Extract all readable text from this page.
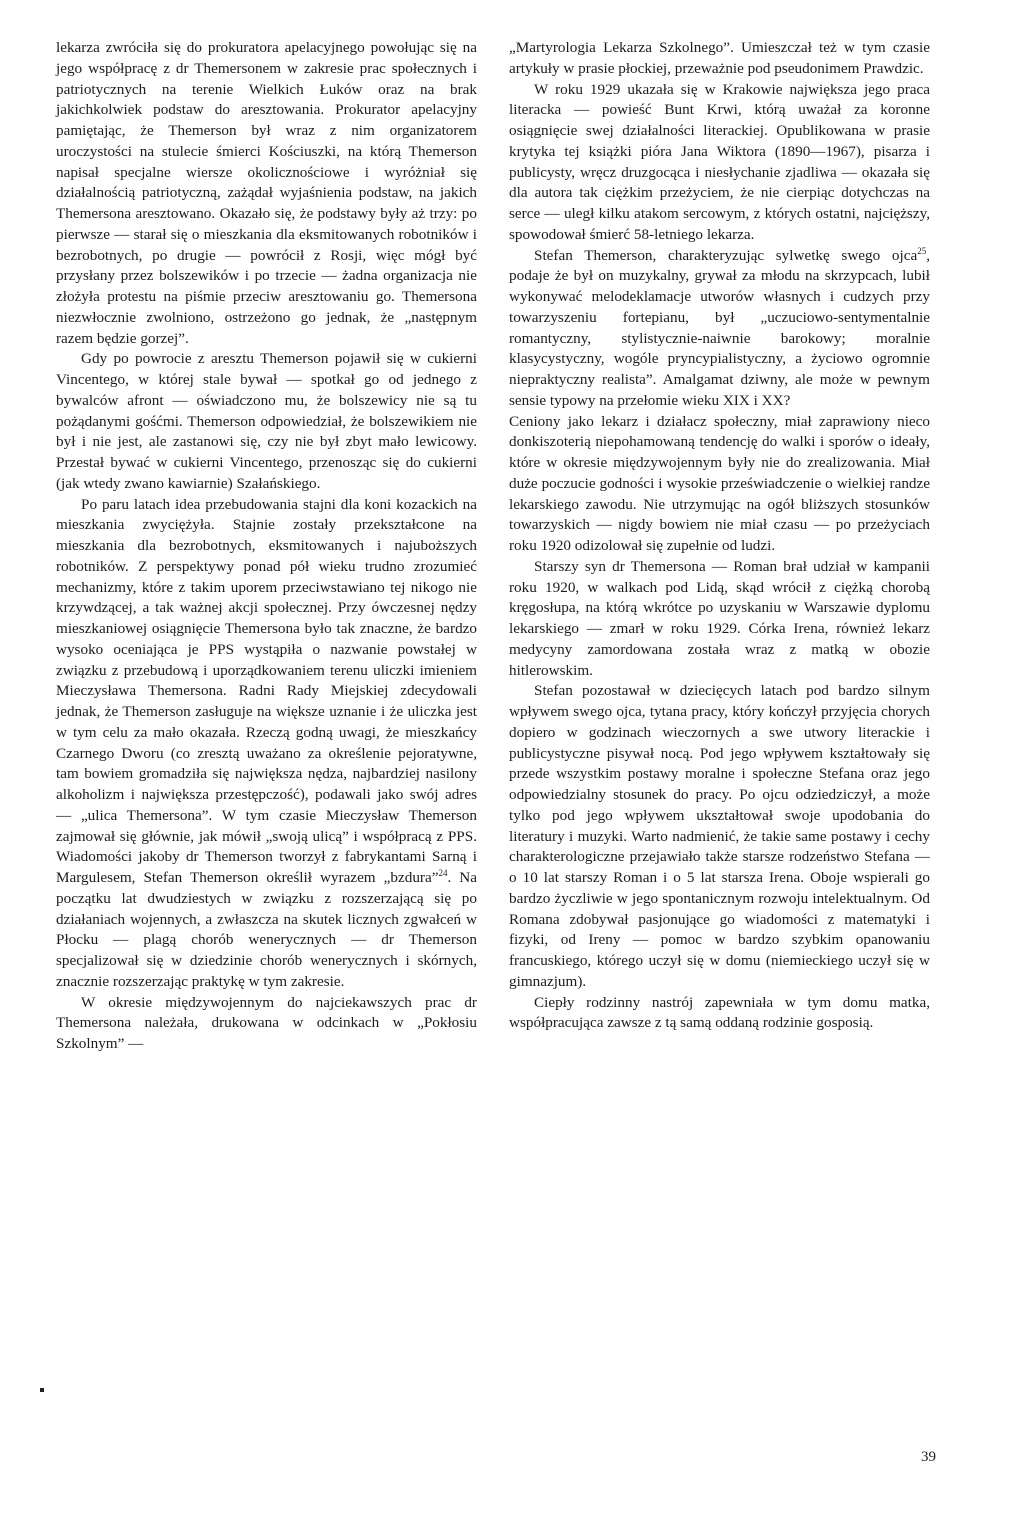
lekarza zwróciła się do prokuratora apelacyjnego powołując się na jego współpracę z dr Themersonem w zakresie prac społecznych i patriotycznych na terenie Wielkich Łuków oraz na brak jakichkolwiek podstaw do aresztowania. Prokurator apelacyjny pamiętając, że Themerson był wraz z nim organizatorem uroczystości na stulecie śmierci Kościuszki, na którą Themerson napisał specjalne wiersze okolicznościowe i wyróżniał się działalnością patriotyczną, zażądał wyjaśnienia podstaw, na jakich Themersona aresztowano. Okazało się, że podstawy były aż trzy: po pierwsze — starał się o mieszkania dla eksmitowanych robotników i bezrobotnych, po drugie — powrócił z Rosji, więc mógł być przysłany przez bolszewików i po trzecie — żadna organizacja nie złożyła protestu na piśmie przeciw aresztowaniu go. Themersona niezwłocznie zwolniono, ostrzeżono go jednak, że „następnym razem będzie gorzej”.

Gdy po powrocie z aresztu Themerson pojawił się w cukierni Vincentego, w której stale bywał — spotkał go od jednego z bywalców afront — oświadczono mu, że bolszewicy nie są tu pożądanymi gośćmi. Themerson odpowiedział, że bolszewikiem nie był i nie jest, ale zastanowi się, czy nie był zbyt mało lewicowy. Przestał bywać w cukierni Vincentego, przenosząc się do cukierni (jak wtedy zwano kawiarnie) Szałańskiego.

Po paru latach idea przebudowania stajni dla koni kozackich na mieszkania zwyciężyła. Stajnie zostały przekształcone na mieszkania dla bezrobotnych, eksmitowanych i najuboższych robotników. Z perspektywy ponad pół wieku trudno zrozumieć mechanizmy, które z takim uporem przeciwstawiano tej nikogo nie krzywdzącej, a tak ważnej akcji społecznej. Przy ówczesnej nędzy mieszkaniowej osiągnięcie Themersona było tak znaczne, że bardzo wysoko oceniająca je PPS wystąpiła o nazwanie powstałej w związku z przebudową i uporządkowaniem terenu uliczki imieniem Mieczysława Themersona. Radni Rady Miejskiej zdecydowali jednak, że Themerson zasługuje na większe uznanie i że uliczka jest w tym celu za mało okazała. Rzeczą godną uwagi, że mieszkańcy Czarnego Dworu (co zresztą uważano za określenie pejoratywne, tam bowiem gromadziła się największa nędza, najbardziej nasilony alkoholizm i największa przestępczość), podawali jako swój adres — „ulica Themersona”. W tym czasie Mieczysław Themerson zajmował się głównie, jak mówił „swoją ulicą” i współpracą z PPS. Wiadomości jakoby dr Themerson tworzył z fabrykantami Sarną i Margulesem, Stefan Themerson określił wyrazem „bzdura”$^{24}$. Na początku lat dwudziestych w związku z rozszerzającą się po działaniach wojennych, a zwłaszcza na skutek licznych zgwałceń w Płocku — plagą chorób wenerycznych — dr Themerson specjalizował się w dziedzinie chorób wenerycznych i skórnych, znacznie rozszerzając praktykę w tym zakresie.

W okresie międzywojennym do najciekawszych prac dr Themersona należała, drukowana w odcinkach w „Pokłosiu Szkolnym” —

„Martyrologia Lekarza Szkolnego”. Umieszczał też w tym czasie artykuły w prasie płockiej, przeważnie pod pseudonimem Prawdzic.

W roku 1929 ukazała się w Krakowie największa jego praca literacka — powieść Bunt Krwi, którą uważał za koronne osiągnięcie swej działalności literackiej. Opublikowana w prasie krytyka tej książki pióra Jana Wiktora (1890—1967), pisarza i publicysty, wręcz druzgocąca i niesłychanie zjadliwa — okazała się dla autora tak ciężkim przeżyciem, że nie cierpiąc dotychczas na serce — uległ kilku atakom sercowym, z których ostatni, najcięższy, spowodował śmierć 58-letniego lekarza.

Stefan Themerson, charakteryzując sylwetkę swego ojca$^{25}$, podaje że był on muzykalny, grywał za młodu na skrzypcach, lubił wykonywać melodeklamacje utworów własnych i cudzych przy towarzyszeniu fortepianu, był „uczuciowo-sentymentalnie romantyczny, stylistycznie-naiwnie barokowy; moralnie klasycystyczny, wogóle pryncypialistyczny, a życiowo ogromnie niepraktyczny realista”. Amalgamat dziwny, ale może w pewnym sensie typowy na przełomie wieku XIX i XX?

Ceniony jako lekarz i działacz społeczny, miał zaprawiony nieco donkiszoterią niepohamowaną tendencję do walki i sporów o ideały, które w okresie międzywojennym były nie do zrealizowania. Miał duże poczucie godności i wysokie przeświadczenie o wielkiej randze lekarskiego zawodu. Nie utrzymując na ogół bliższych stosunków towarzyskich — nigdy bowiem nie miał czasu — po przeżyciach roku 1920 odizolował się zupełnie od ludzi.

Starszy syn dr Themersona — Roman brał udział w kampanii roku 1920, w walkach pod Lidą, skąd wrócił z ciężką chorobą kręgosłupa, na którą wkrótce po uzyskaniu w Warszawie dyplomu lekarskiego — zmarł w roku 1929. Córka Irena, również lekarz medycyny zamordowana została wraz z matką w obozie hitlerowskim.

Stefan pozostawał w dziecięcych latach pod bardzo silnym wpływem swego ojca, tytana pracy, który kończył przyjęcia chorych dopiero w godzinach wieczornych a swe utwory literackie i publicystyczne pisywał nocą. Pod jego wpływem kształtowały się przede wszystkim postawy moralne i społeczne Stefana oraz jego odpowiedzialny stosunek do pracy. Po ojcu odziedziczył, a może tylko pod jego wpływem ukształtował swoje upodobania do literatury i muzyki. Warto nadmienić, że takie same postawy i cechy charakterologiczne przejawiało także starsze rodzeństwo Stefana — o 10 lat starszy Roman i o 5 lat starsza Irena. Oboje wspierali go bardzo życzliwie w jego spontanicznym rozwoju intelektualnym. Od Romana zdobywał pasjonujące go wiadomości z matematyki i fizyki, od Ireny — pomoc w bardzo szybkim opanowaniu francuskiego, którego uczył się w domu (niemieckiego uczył się w gimnazjum).

Ciepły rodzinny nastrój zapewniała w tym domu matka, współpracująca zawsze z tą samą oddaną rodzinie gosposią.

39
